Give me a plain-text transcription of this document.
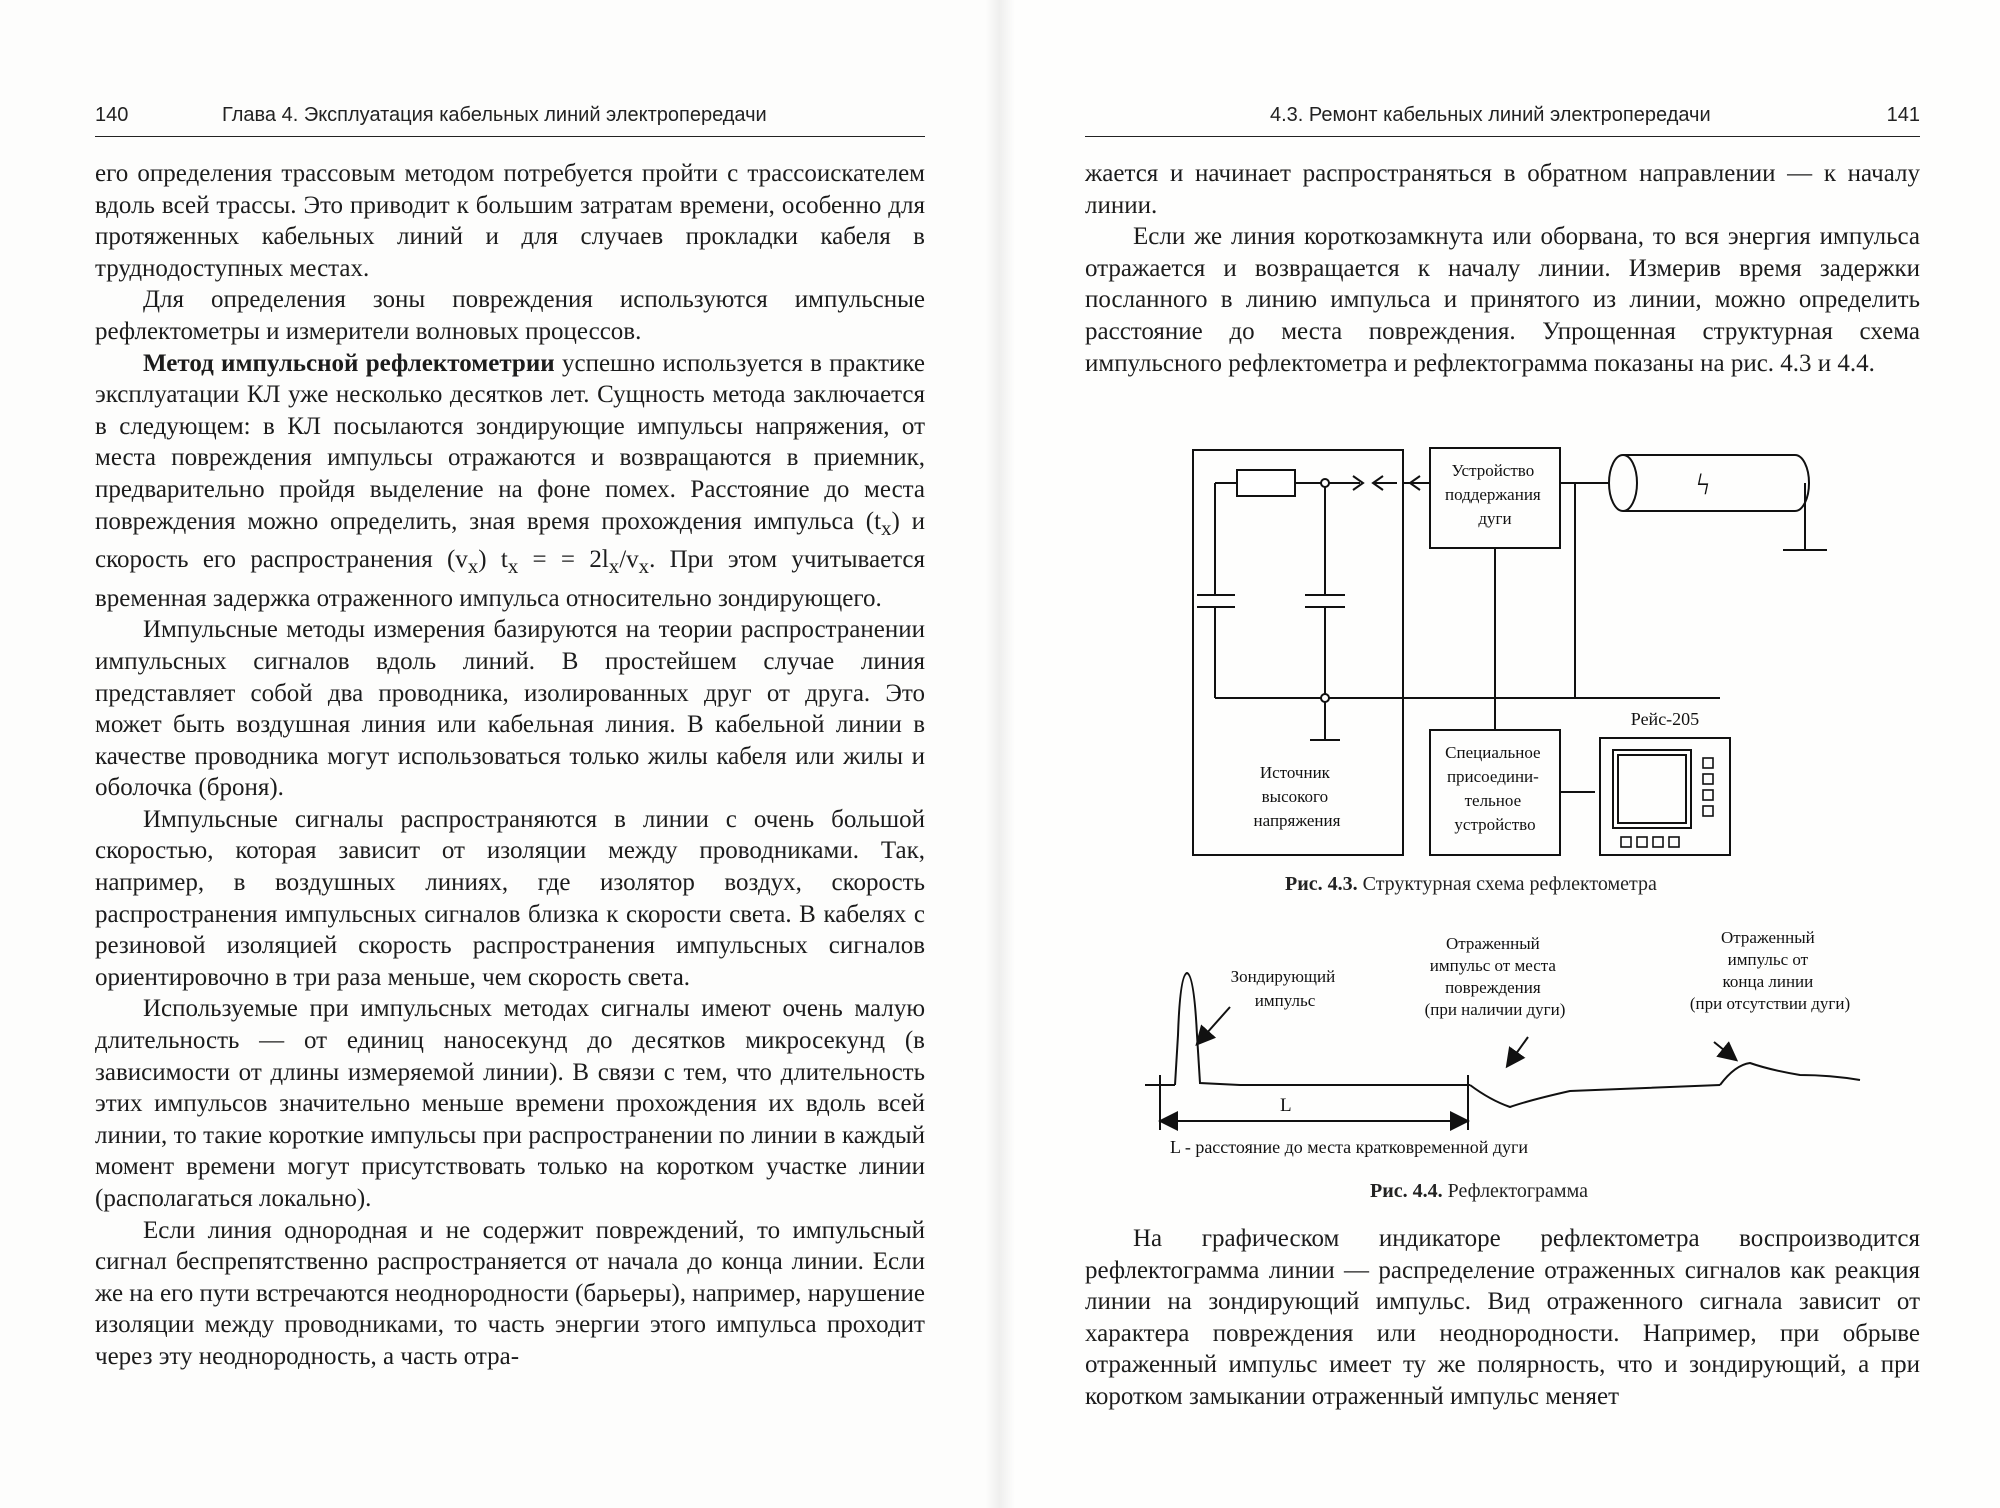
140	Глава 4. Эксплуатация кабельных линий электропередачи

его определения трассовым методом потребуется пройти с трассоискателем вдоль всей трассы. Это приводит к большим затратам времени, особенно для протяженных кабельных линий и для случаев прокладки кабеля в труднодоступных местах.

Для определения зоны повреждения используются импульсные рефлектометры и измерители волновых процессов.

Метод импульсной рефлектометрии успешно используется в практике эксплуатации КЛ уже несколько десятков лет. Сущность метода заключается в следующем: в КЛ посылаются зондирующие импульсы напряжения, от места повреждения импульсы отражаются и возвращаются в приемник, предварительно пройдя выделение на фоне помех. Расстояние до места повреждения можно определить, зная время прохождения импульса $(t_x)$ и скорость его распространения $(v_x) t_x$ = = $2l_x/v_x$. При этом учитывается временная задержка отраженного импульса относительно зондирующего.

Импульсные методы измерения базируются на теории распространении импульсных сигналов вдоль линий. В простейшем случае линия представляет собой два проводника, изолированных друг от друга. Это может быть воздушная линия или кабельная линия. В кабельной линии в качестве проводника могут использоваться только жилы кабеля или жилы и оболочка (броня).

Импульсные сигналы распространяются в линии с очень большой скоростью, которая зависит от изоляции между проводниками. Так, например, в воздушных линиях, где изолятор воздух, скорость распространения импульсных сигналов близка к скорости света. В кабелях с резиновой изоляцией скорость распространения импульсных сигналов ориентировочно в три раза меньше, чем скорость света.

Используемые при импульсных методах сигналы имеют очень малую длительность — от единиц наносекунд до десятков микросекунд (в зависимости от длины измеряемой линии). В связи с тем, что длительность этих импульсов значительно меньше времени прохождения их вдоль всей линии, то такие короткие импульсы при распространении по линии в каждый момент времени могут присутствовать только на коротком участке линии (располагаться локально).

Если линия однородная и не содержит повреждений, то импульсный сигнал беспрепятственно распространяется от начала до конца линии. Если же на его пути встречаются неоднородности (барьеры), например, нарушение изоляции между проводниками, то часть энергии этого импульса проходит через эту неоднородность, а часть отра-

4.3. Ремонт кабельных линий электропередачи	141

жается и начинает распространяться в обратном направлении — к началу линии.

Если же линия короткозамкнута или оборвана, то вся энергия импульса отражается и возвращается к началу линии. Измерив время задержки посланного в линию импульса и принятого из линии, можно определить расстояние до места повреждения. Упрощенная структурная схема импульсного рефлектометра и рефлектограмма показаны на рис. 4.3 и 4.4.

ϟ
Устройство поддержания дуги
Источник высокого напряжения
Специальное присоедини- тельное устройство
Рейс-205
Рис. 4.3. Структурная схема рефлектометра
Зондирующий импульс
Отраженный импульс от места повреждения (при наличии дуги)
Отраженный импульс от конца линии (при отсутствии дуги)
L
L - расстояние до места кратковременной дуги
Рис. 4.4. Рефлектограмма

На графическом индикаторе рефлектометра воспроизводится рефлектограмма линии — распределение отраженных сигналов как реакция линии на зондирующий импульс. Вид отраженного сигнала зависит от характера повреждения или неоднородности. Например, при обрыве отраженный импульс имеет ту же полярность, что и зондирующий, а при коротком замыкании отраженный импульс меняет
